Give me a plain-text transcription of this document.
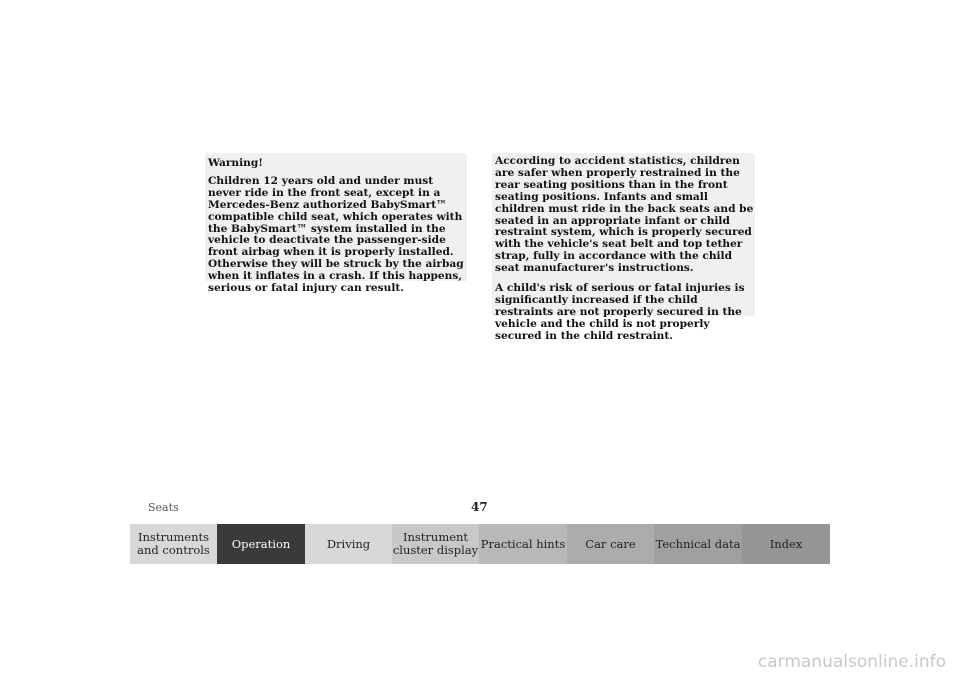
Warning!

Children 12 years old and under must never ride in the front seat, except in a Mercedes-Benz authorized BabySmart™ compatible child seat, which operates with the BabySmart™ system installed in the vehicle to deactivate the passenger-side front airbag when it is properly installed. Otherwise they will be struck by the airbag when it inflates in a crash. If this happens, serious or fatal injury can result.

According to accident statistics, children are safer when properly restrained in the rear seating positions than in the front seating positions. Infants and small children must ride in the back seats and be seated in an appropriate infant or child restraint system, which is properly secured with the vehicle's seat belt and top tether strap, fully in accordance with the child seat manufacturer's instructions.

A child's risk of serious or fatal injuries is significantly increased if the child restraints are not properly secured in the vehicle and the child is not properly secured in the child restraint.

Seats	47
Instruments and controls	Operation	Driving	Instrument cluster display Practical hints Car care Technical data	Index
carmanualsonline.info
